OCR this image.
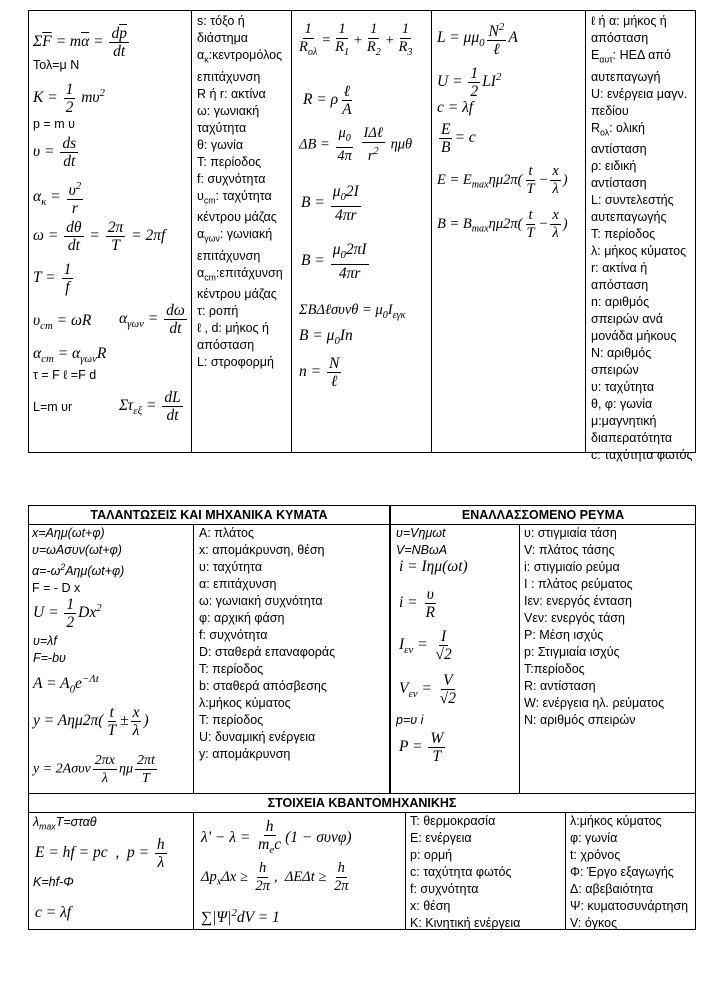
$\Sigma\overline{F} = m\overline{\alpha} = \frac{d\overline{p}}{dt}$
Τολ=μ Ν
$K = \frac{1}{2} m\upsilon^2$
p = m υ
$\upsilon = \frac{ds}{dt}$
$\alpha_\kappa = \frac{\upsilon^2}{r}$
$\omega = \frac{d\theta}{dt} = \frac{2\pi}{T} = 2\pi f$
$T = \frac{1}{f}$
$\upsilon_{cm} = \omega R$ $\alpha_{\gamma\omega\nu} = \frac{d\omega}{dt}$
$\alpha_{cm} = \alpha_{\gamma\omega\nu}R$
τ = F ℓ =F d
L=m υr	$\Sigma\tau_{\varepsilon\xi} = \frac{dL}{dt}$
s: τόξο ή
διάστημα
$\alpha_\kappa:\kappa\varepsilon\nu\tau\rho o\mu ό\lambda o\varsigma$
επιτάχυνση
R ή r: ακτίνα
ω: γωνιακή
ταχύτητα
θ: γωνία
T: περίοδος
f: συχνότητα
$\upsilon_{cm}$: ταχύτητα
κέντρου μάζας
$\alpha_{\gamma\omega\nu}$: γωνιακή
επιτάχυνση
$\alpha_{cm}:\varepsilon\pi\iota\tau ά\chi\upsilon\nu\sigma\eta$
κέντρου μάζας
τ: ροπή
ℓ , d: μήκος ή
απόσταση
L: στροφορμή
$\frac{1}{R_{o\lambda}} = \frac{1}{R_1} + \frac{1}{R_2} + \frac{1}{R_3}$
R = ρ $\frac{\text{ℓ}}{A}$
$\Delta B = \frac{\mu_0}{4\pi}$
$\frac{\text{IΔℓ}}{r^2}$ ημθ
$B = \frac{\mu_02I}{4\pi r}$
$B = \frac{\mu_02\pi I}{4\pi r}$
ΣBΔℓσυνθ = $\mu_0I_{\varepsilon\gamma\kappa}$
$B = \mu_0In$
$n = \frac{N}{\text{ℓ}}$
$L = \mu\mu_0 \frac{N^2}{\text{ℓ}}$ A
$U = \frac{1}{2} LI^2$
c = λf
$\frac{E}{B} = c$
$E = E_{max}\eta\mu 2\pi( \frac{t}{T} - \frac{x}{\lambda}$ )
$B = B_{max}\eta\mu 2\pi( \frac{t}{T} - \frac{x}{\lambda}$ )
ℓ ή α: μήκος ή
απόσταση
$E_{\alpha\upsilon\tau}$: ΗΕΔ από
αυτεπαγωγή
U: ενέργεια μαγν.
πεδίου
$R_{o\lambda}$: ολική
αντίσταση
ρ: ειδική
αντίσταση
L: συντελεστής
αυτεπαγωγής
T: περίοδος
λ: μήκος κύματος
r: ακτίνα ή
απόσταση
n: αριθμός
σπειρών ανά
μονάδα μήκους
N: αριθμός
σπειρών
υ: ταχύτητα
θ, φ: γωνία
μ:μαγνητική
διαπερατότητα
c: ταχύτητα φωτός
ΤΑΛΑΝΤΩΣΕΙΣ ΚΑΙ ΜΗΧΑΝΙΚΑ ΚΥΜΑΤΑ
x=Aημ(ωt+φ)
υ=ωAσυν(ωt+φ)
$\alpha=-\omega^2A\eta\mu(\omega t+\varphi)$
F = - D x
$U = \frac{1}{2} Dx^2$
υ=λf
F=-bυ
$A = A_0e^{-\Lambda t}$
$y = A\eta\mu 2\pi( \frac{t}{T} \pm \frac{x}{\lambda}$ )
$y = 2A\sigma\upsilon\nu \frac{2\pi x}{\lambda}$ ημ $\frac{2\pi t}{T}$
A: πλάτος
x: απομάκρυνση, θέση
υ: ταχύτητα
α: επιτάχυνση
ω: γωνιακή συχνότητα
φ: αρχική φάση
f: συχνότητα
D: σταθερά επαναφοράς
T: περίοδος
b: σταθερά απόσβεσης
λ:μήκος κύματος
T: περίοδος
U: δυναμική ενέργεια
y: απομάκρυνση
ΕΝΑΛΛΑΣΣΟΜΕΝΟ ΡΕΥΜΑ
υ=Vημωt
V=NBωA
i = Iημ(ωt)
$i = \frac{\upsilon}{R}$
$I_{\varepsilon\nu} = \frac{I}{√2}$
$V_{\varepsilon\nu} = \frac{V}{√2}$
p=υ i
$P = \frac{W}{T}$
υ: στιγμιαία τάση
V: πλάτος τάσης
i: στιγμιαίο ρεύμα
I : πλάτος ρεύματος
Iεν: ενεργός ένταση
Vεν: ενεργός τάση
P: Μέση ισχύς
p: Στιγμιαία ισχύς
T:περίοδος
R: αντίσταση
W: ενέργεια ηλ. ρεύματος
N: αριθμός σπειρών
ΣΤΟΙΧΕΙΑ ΚΒΑΝΤΟΜΗΧΑΝΙΚΗΣ
$\lambda_{max}T=\sigma\tau\alpha\theta$
E = hf = pc  ,  $p = \frac{h}{\lambda}$
K=hf-Φ
c = λf
$\lambda' - \lambda = \frac{h}{m_ec} (1 - \sigma\upsilon\nu\varphi)$
$\Delta p_x\Delta x \ge \frac{h}{2\pi}$ ,  $\Delta E\Delta t \ge \frac{h}{2\pi}$
$\sum|\Psi|^2dV = 1$
T: θερμοκρασία
E: ενέργεια
p: ορμή
c: ταχύτητα φωτός
f: συχνότητα
x: θέση
K: Κινητική ενέργεια
λ:μήκος κύματος
φ: γωνία
t: χρόνος
Φ: Έργο εξαγωγής
Δ: αβεβαιότητα
Ψ: κυματοσυνάρτηση
V: όγκος
